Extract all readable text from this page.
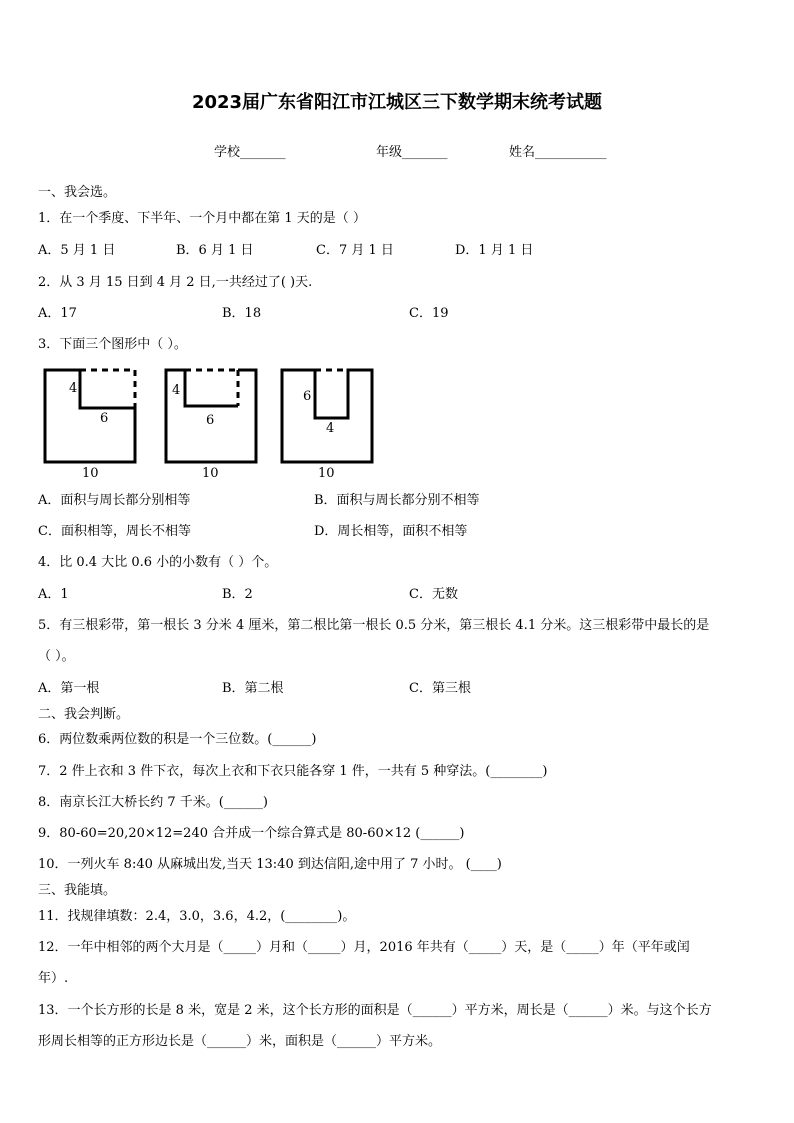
2023届广东省阳江市江城区三下数学期末统考试题
学校_______	年级_______	姓名___________
一、我会选。
1．在一个季度、下半年、一个月中都在第 1 天的是（ ）
A．5 月 1 日	B．6 月 1 日	C．7 月 1 日	D．1 月 1 日
2．从 3 月 15 日到 4 月 2 日,一共经过了( )天.
A．17	B．18	C．19
3．下面三个图形中（ ）。
4
6
10
4
6
10
6
4
10
A．面积与周长都分别相等	B．面积与周长都分别不相等
C．面积相等，周长不相等	D．周长相等，面积不相等
4．比 0.4 大比 0.6 小的小数有（ ）个。
A．1	B．2	C．无数
5．有三根彩带，第一根长 3 分米 4 厘米，第二根比第一根长 0.5 分米，第三根长 4.1 分米。这三根彩带中最长的是
（ ）。
A．第一根	B．第二根	C．第三根
二、我会判断。
6．两位数乘两位数的积是一个三位数。(______)
7．2 件上衣和 3 件下衣，每次上衣和下衣只能各穿 1 件，一共有 5 种穿法。(________)
8．南京长江大桥长约 7 千米。(______)
9．80-60=20,20×12=240 合并成一个综合算式是 80-60×12 (______)
10．一列火车 8:40 从麻城出发,当天 13:40 到达信阳,途中用了 7 小时。 (____)
三、我能填。
11．找规律填数：2.4，3.0，3.6，4.2，(________)。
12．一年中相邻的两个大月是（_____）月和（_____）月，2016 年共有（_____）天，是（_____）年（平年或闰
年）.
13．一个长方形的长是 8 米，宽是 2 米，这个长方形的面积是（______）平方米，周长是（______）米。与这个长方
形周长相等的正方形边长是（______）米，面积是（______）平方米。
